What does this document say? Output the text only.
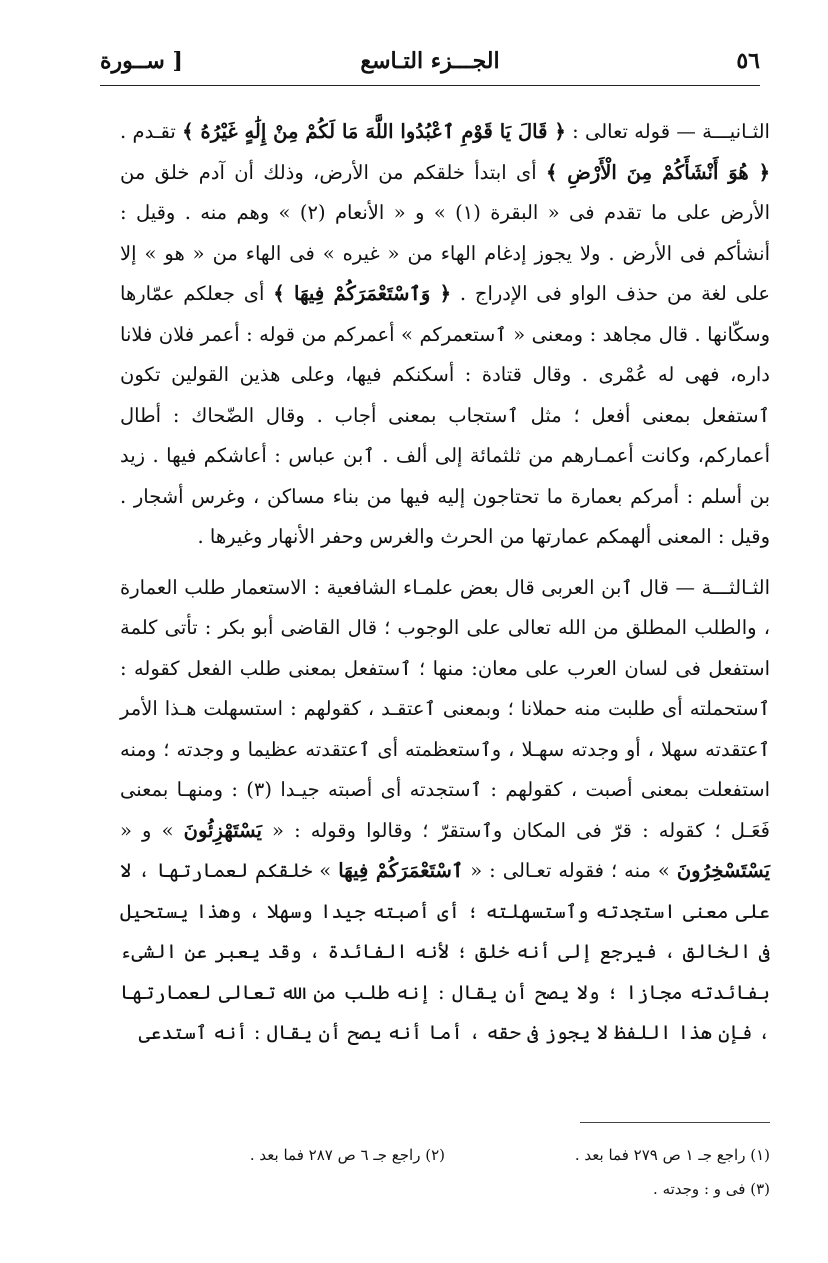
٥٦
الجـــزء التـاسع
[ ســورة

الثـانيـــة — قوله تعالى : ﴿ قَالَ يَا قَوْمِ ٱعْبُدُوا اللَّهَ مَا لَكُمْ مِنْ إِلَٰهٍ غَيْرُهُ ﴾ تقـدم . ﴿ هُوَ أَنْشَأَكُمْ مِنَ الْأَرْضِ ﴾ أى ابتدأ خلقكم من الأرض، وذلك أن آدم خلق من الأرض على ما تقدم فى « البقرة (١) » و « الأنعام (٢) » وهم منه . وقيل : أنشأكم فى الأرض . ولا يجوز إدغام الهاء من « غيره » فى الهاء من « هو » إلا على لغة من حذف الواو فى الإدراج . ﴿ وَٱسْتَعْمَرَكُمْ فِيهَا ﴾ أى جعلكم عمّارها وسكّانها . قال مجاهد : ومعنى « ٱستعمركم » أعمركم من قوله : أعمر فلان فلانا داره، فهى له عُمْرى . وقال قتادة : أسكنكم فيها، وعلى هذين القولين تكون ٱستفعل بمعنى أفعل ؛ مثل ٱستجاب بمعنى أجاب . وقال الضّحاك : أطال أعماركم، وكانت أعمـارهم من ثلثمائة إلى ألف . ٱبن عباس : أعاشكم فيها . زيد بن أسلم : أمركم بعمارة ما تحتاجون إليه فيها من بناء مساكن ، وغرس أشجار . وقيل : المعنى ألهمكم عمارتها من الحرث والغرس وحفر الأنهار وغيرها .

الثـالثـــة — قال ٱبن العربى قال بعض علمـاء الشافعية : الاستعمار طلب العمارة ، والطلب المطلق من الله تعالى على الوجوب ؛ قال القاضى أبو بكر : تأتى كلمة استفعل فى لسان العرب على معان: منها ؛ ٱستفعل بمعنى طلب الفعل كقوله : ٱستحملته أى طلبت منه حملانا ؛ وبمعنى ٱعتقـد ، كقولهم : استسهلت هـذا الأمر ٱعتقدته سهلا ، أو وجدته سهـلا ، وٱستعظمته أى ٱعتقدته عظيما و وجدته ؛ ومنه استفعلت بمعنى أصبت ، كقولهم : ٱستجدته أى أصبته جيـدا (٣) : ومنهـا بمعنى فَعَـل ؛ كقوله : قرّ فى المكان وٱستقرّ ؛ وقالوا وقوله : « يَسْتَهْزِئُونَ » و « يَسْتَسْخِرُونَ » منه ؛ فقوله تعـالى : « ٱسْتَعْمَرَكُمْ فِيهَا » خلقكم لعمارتها ، لا على معنى استجدته وٱستسهلته ؛ أى أصبته جيدا وسهلا ، وهذا يستحيل فى الخالق ، فيرجع إلى أنه خلق ؛ لأنه الفائدة ، وقد يعبر عن الشىء بفائدته مجازا ؛ ولا يصح أن يقال : إنه طلب من الله تعالى لعمارتها ، فإن هذا اللفظ لا يجوز فى حقه ، أما أنه يصح أن يقال : أنه ٱستدعى

(١) راجع جـ ١ ص ٢٧٩ فما بعد .
(٢) راجع جـ ٦ ص ٢٨٧ فما بعد .
(٣) فى و : وجدته .
